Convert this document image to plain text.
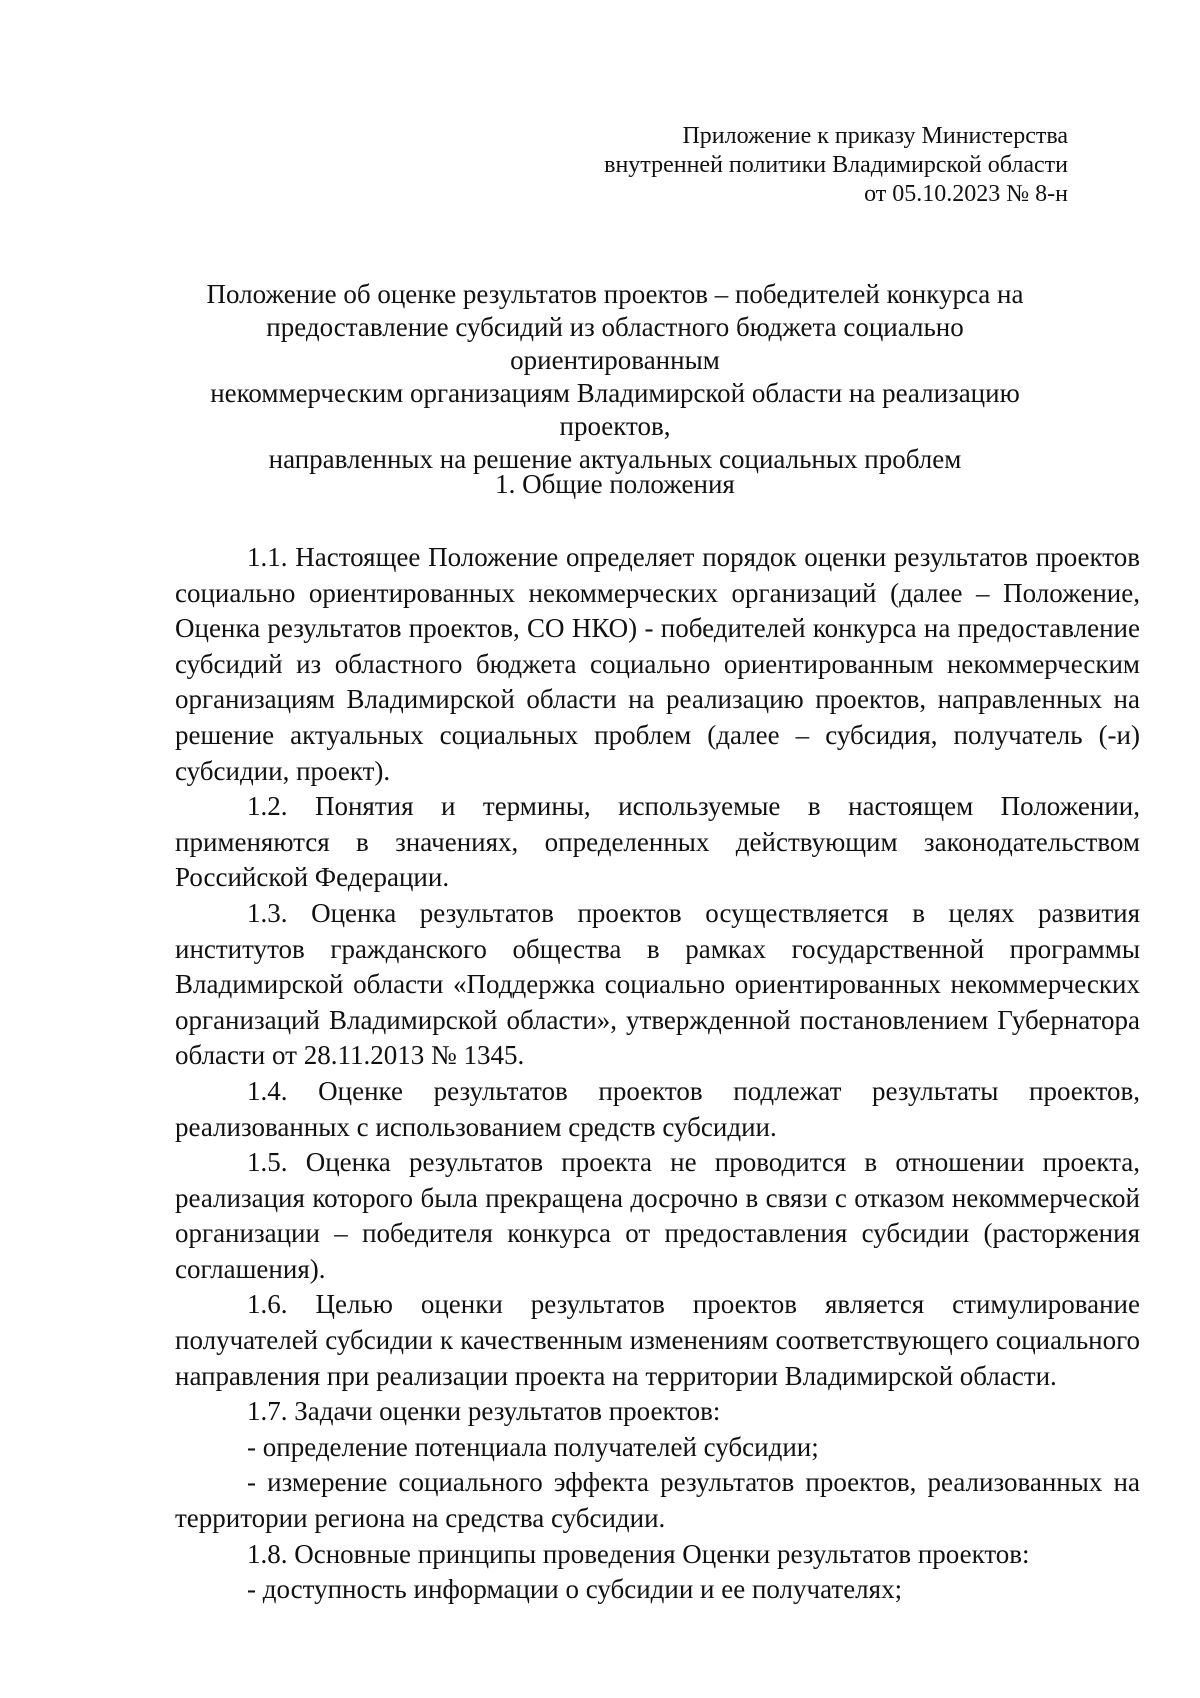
Приложение к приказу Министерства
внутренней политики Владимирской области
от 05.10.2023 № 8-н
Положение об оценке результатов проектов – победителей конкурса на
предоставление субсидий из областного бюджета социально ориентированным
некоммерческим организациям Владимирской области на реализацию проектов,
направленных на решение актуальных социальных проблем
1. Общие положения

1.1. Настоящее Положение определяет порядок оценки результатов проектов социально ориентированных некоммерческих организаций (далее – Положение, Оценка результатов проектов, СО НКО) - победителей конкурса на предоставление субсидий из областного бюджета социально ориентированным некоммерческим организациям Владимирской области на реализацию проектов, направленных на решение актуальных социальных проблем (далее – субсидия, получатель (-и) субсидии, проект).

1.2. Понятия и термины, используемые в настоящем Положении, применяются в значениях, определенных действующим законодательством Российской Федерации.

1.3. Оценка результатов проектов осуществляется в целях развития институтов гражданского общества в рамках государственной программы Владимирской области «Поддержка социально ориентированных некоммерческих организаций Владимирской области», утвержденной постановлением Губернатора области от 28.11.2013 № 1345.

1.4. Оценке результатов проектов подлежат результаты проектов, реализованных с использованием средств субсидии.

1.5. Оценка результатов проекта не проводится в отношении проекта, реализация которого была прекращена досрочно в связи с отказом некоммерческой организации – победителя конкурса от предоставления субсидии (расторжения соглашения).

1.6. Целью оценки результатов проектов является стимулирование получателей субсидии к качественным изменениям соответствующего социального направления при реализации проекта на территории Владимирской области.

1.7. Задачи оценки результатов проектов:

- определение потенциала получателей субсидии;

- измерение социального эффекта результатов проектов, реализованных на территории региона на средства субсидии.

1.8. Основные принципы проведения Оценки результатов проектов:

- доступность информации о субсидии и ее получателях;
